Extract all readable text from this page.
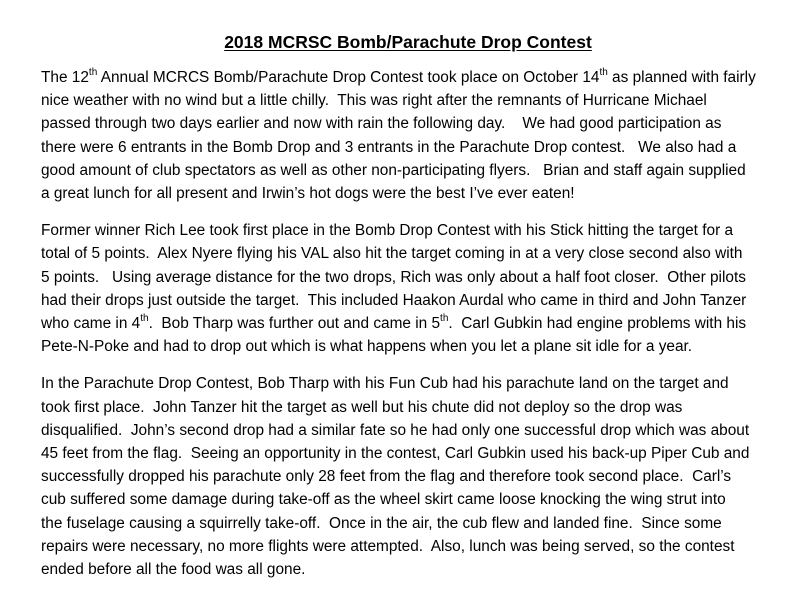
2018 MCRSC Bomb/Parachute Drop Contest
The 12th Annual MCRCS Bomb/Parachute Drop Contest took place on October 14th as planned with fairly
nice weather with no wind but a little chilly.  This was right after the remnants of Hurricane Michael
passed through two days earlier and now with rain the following day.    We had good participation as
there were 6 entrants in the Bomb Drop and 3 entrants in the Parachute Drop contest.   We also had a
good amount of club spectators as well as other non-participating flyers.   Brian and staff again supplied
a great lunch for all present and Irwin’s hot dogs were the best I’ve ever eaten!
Former winner Rich Lee took first place in the Bomb Drop Contest with his Stick hitting the target for a
total of 5 points.  Alex Nyere flying his VAL also hit the target coming in at a very close second also with
5 points.   Using average distance for the two drops, Rich was only about a half foot closer.  Other pilots
had their drops just outside the target.  This included Haakon Aurdal who came in third and John Tanzer
who came in 4th.  Bob Tharp was further out and came in 5th.  Carl Gubkin had engine problems with his
Pete-N-Poke and had to drop out which is what happens when you let a plane sit idle for a year.
In the Parachute Drop Contest, Bob Tharp with his Fun Cub had his parachute land on the target and
took first place.  John Tanzer hit the target as well but his chute did not deploy so the drop was
disqualified.  John’s second drop had a similar fate so he had only one successful drop which was about
45 feet from the flag.  Seeing an opportunity in the contest, Carl Gubkin used his back-up Piper Cub and
successfully dropped his parachute only 28 feet from the flag and therefore took second place.  Carl’s
cub suffered some damage during take-off as the wheel skirt came loose knocking the wing strut into
the fuselage causing a squirrelly take-off.  Once in the air, the cub flew and landed fine.  Since some
repairs were necessary, no more flights were attempted.  Also, lunch was being served, so the contest
ended before all the food was all gone.
